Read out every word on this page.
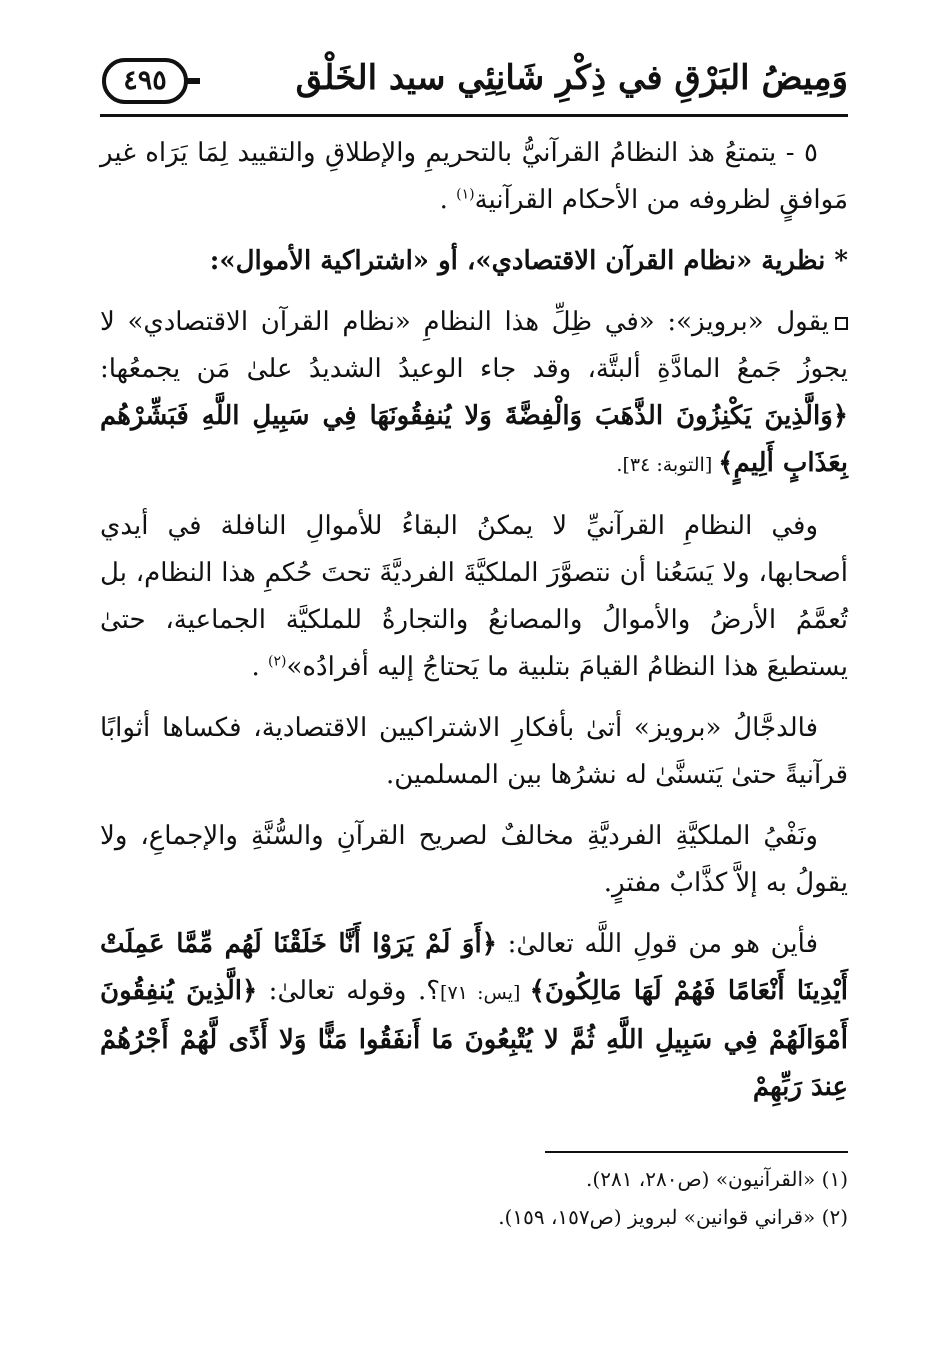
وَمِيضُ البَرْقِ في ذِكْرِ شَانِئِي سيد الخَلْق
٤٩٥

٥ - يتمتعُ هذ النظامُ القرآنيُّ بالتحريمِ والإطلاقِ والتقييد لِمَا يَرَاه غير مَوافقٍ لظروفه من الأحكام القرآنية$^{(١)}$ .

* نظرية «نظام القرآن الاقتصادي»، أو «اشتراكية الأموال»:

يقول «برويز»: «في ظِلِّ هذا النظامِ «نظام القرآن الاقتصادي» لا يجوزُ جَمعُ المادَّةِ ألبتَّة، وقد جاء الوعيدُ الشديدُ علىٰ مَن يجمعُها: ﴿وَالَّذِينَ يَكْنِزُونَ الذَّهَبَ وَالْفِضَّةَ وَلا يُنفِقُونَهَا فِي سَبِيلِ اللَّهِ فَبَشِّرْهُم بِعَذَابٍ أَلِيمٍ﴾ [التوبة: ٣٤].

وفي النظامِ القرآنيِّ لا يمكنُ البقاءُ للأموالِ النافلة في أيدي أصحابها، ولا يَسَعُنا أن نتصوَّرَ الملكيَّةَ الفرديَّةَ تحتَ حُكمِ هذا النظام، بل تُعمَّمُ الأرضُ والأموالُ والمصانعُ والتجارةُ للملكيَّة الجماعية، حتىٰ يستطيعَ هذا النظامُ القيامَ بتلبية ما يَحتاجُ إليه أفرادُه»$^{(٢)}$ .

فالدجَّالُ «برويز» أتىٰ بأفكارِ الاشتراكيين الاقتصادية، فكساها أثوابًا قرآنيةً حتىٰ يَتسنَّىٰ له نشرُها بين المسلمين.

ونَفْيُ الملكيَّةِ الفرديَّةِ مخالفٌ لصريح القرآنِ والسُّنَّةِ والإجماعِ، ولا يقولُ به إلاَّ كذَّابٌ مفترٍ.

فأين هو من قولِ اللَّه تعالىٰ: ﴿أَوَ لَمْ يَرَوْا أَنَّا خَلَقْنَا لَهُم مِّمَّا عَمِلَتْ أَيْدِينَا أَنْعَامًا فَهُمْ لَهَا مَالِكُونَ﴾ [يس: ٧١]؟. وقوله تعالىٰ: ﴿الَّذِينَ يُنفِقُونَ أَمْوَالَهُمْ فِي سَبِيلِ اللَّهِ ثُمَّ لا يُتْبِعُونَ مَا أَنفَقُوا مَنًّا وَلا أَذًى لَّهُمْ أَجْرُهُمْ عِندَ رَبِّهِمْ

(١) «القرآنيون» (ص٢٨٠، ٢٨١).

(٢) «قراني قوانين» لبرويز (ص١٥٧، ١٥٩).
